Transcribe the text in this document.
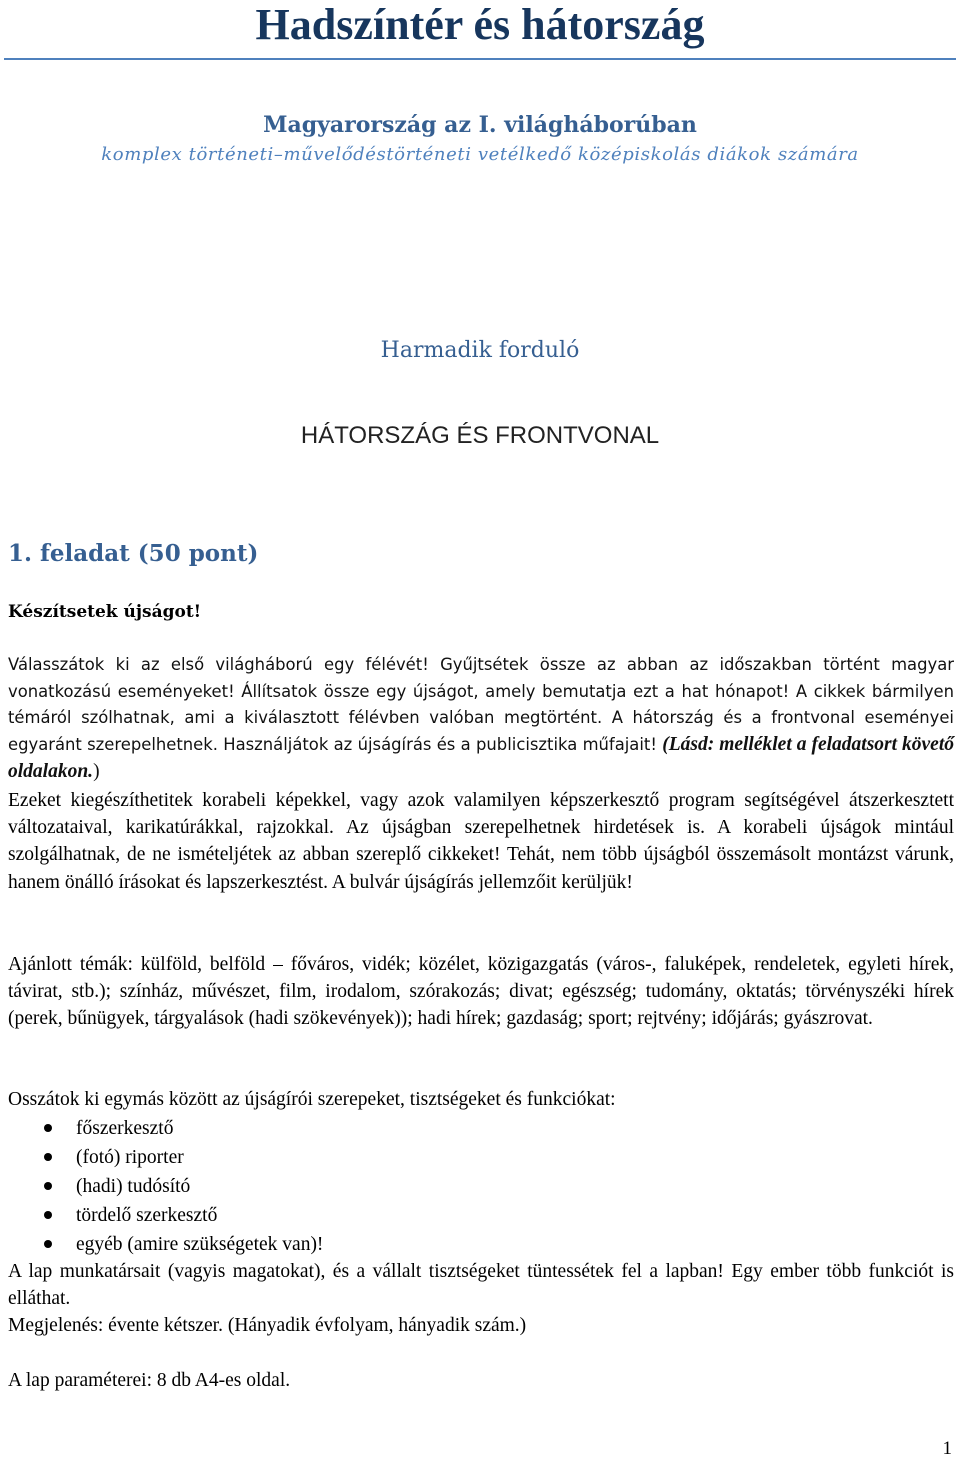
Hadszíntér és hátország
Magyarország az I. világháborúban
komplex történeti–művelődéstörténeti vetélkedő középiskolás diákok számára
Harmadik forduló
HÁTORSZÁG ÉS FRONTVONAL
1. feladat (50 pont)
Készítsetek újságot!
Válasszátok ki az első világháború egy félévét! Gyűjtsétek össze az abban az időszakban történt magyar vonatkozású eseményeket! Állítsatok össze egy újságot, amely bemutatja ezt a hat hónapot! A cikkek bármilyen témáról szólhatnak, ami a kiválasztott félévben valóban megtörtént. A hátország és a frontvonal eseményei egyaránt szerepelhetnek. Használjátok az újságírás és a publicisztika műfajait! (Lásd: melléklet a feladatsort követő oldalakon.)
Ezeket kiegészíthetitek korabeli képekkel, vagy azok valamilyen képszerkesztő program segítségével átszerkesztett változataival, karikatúrákkal, rajzokkal. Az újságban szerepelhetnek hirdetések is. A korabeli újságok mintául szolgálhatnak, de ne ismételjétek az abban szereplő cikkeket! Tehát, nem több újságból összemásolt montázst várunk, hanem önálló írásokat és lapszerkesztést. A bulvár újságírás jellemzőit kerüljük!
Ajánlott témák: külföld, belföld – főváros, vidék; közélet, közigazgatás (város-, faluképek, rendeletek, egyleti hírek, távirat, stb.); színház, művészet, film, irodalom, szórakozás; divat; egészség; tudomány, oktatás; törvényszéki hírek (perek, bűnügyek, tárgyalások (hadi szökevények)); hadi hírek; gazdaság; sport; rejtvény; időjárás; gyászrovat.
Osszátok ki egymás között az újságírói szerepeket, tisztségeket és funkciókat:
főszerkesztő
(fotó) riporter
(hadi) tudósító
tördelő szerkesztő
egyéb (amire szükségetek van)!
A lap munkatársait (vagyis magatokat), és a vállalt tisztségeket tüntessétek fel a lapban! Egy ember több funkciót is elláthat.
Megjelenés: évente kétszer. (Hányadik évfolyam, hányadik szám.)
A lap paraméterei: 8 db A4-es oldal.
1
